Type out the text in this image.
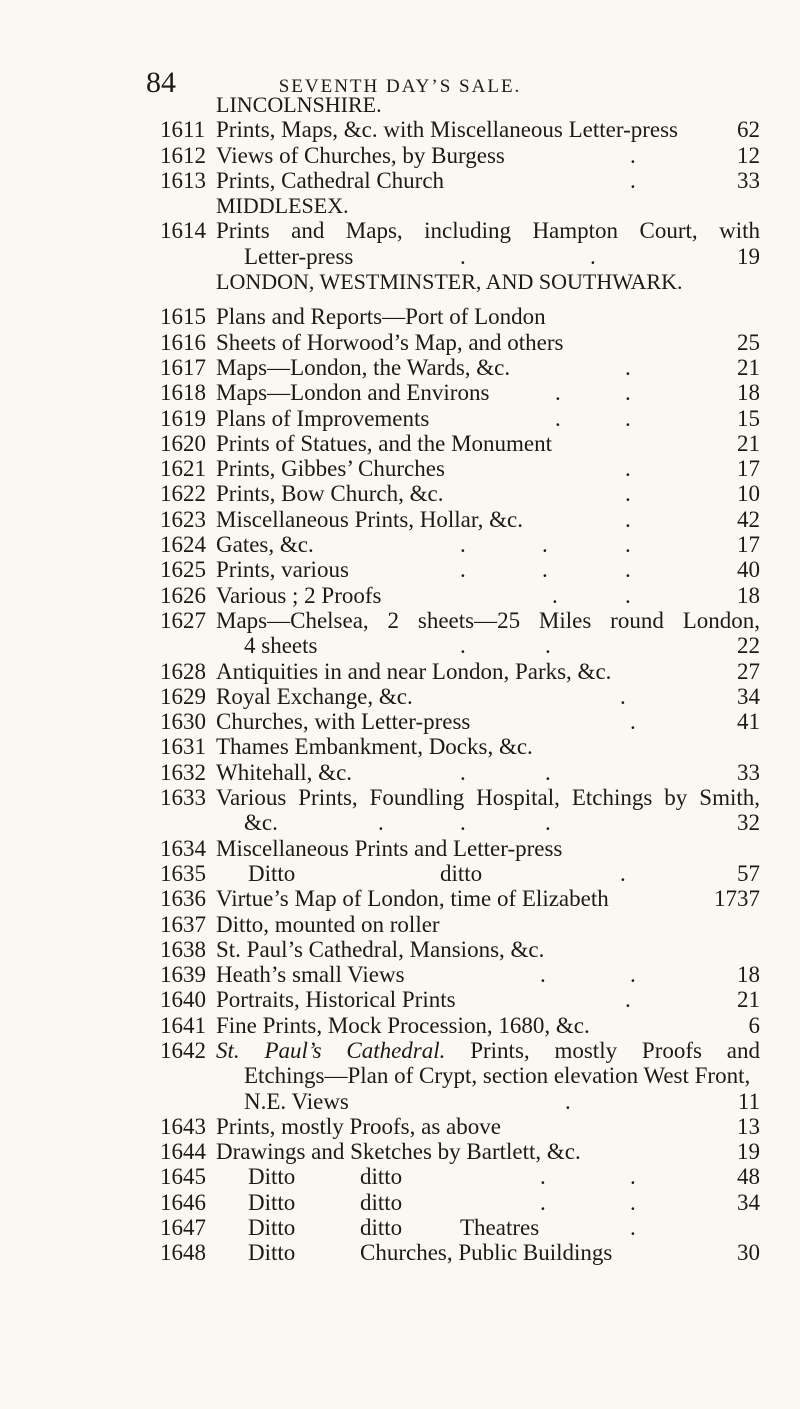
84	SEVENTH DAY’S SALE.
LINCOLNSHIRE.
1611 Prints, Maps, &c. with Miscellaneous Letter-press	62
1612 Views of Churches, by Burgess	.	12
1613 Prints, Cathedral Church	.	33
MIDDLESEX.
1614 Prints and Maps, including Hampton Court, with
Letter-press	.	.	19
LONDON, WESTMINSTER, AND SOUTHWARK.
1615 Plans and Reports—Port of London
1616 Sheets of Horwood’s Map, and others	25
1617 Maps—London, the Wards, &c.	.	21
1618 Maps—London and Environs	.	.	18
1619 Plans of Improvements	.	.	15
1620 Prints of Statues, and the Monument	21
1621 Prints, Gibbes’ Churches	.	17
1622 Prints, Bow Church, &c.	.	10
1623 Miscellaneous Prints, Hollar, &c.	.	42
1624 Gates, &c.	.	.	.	17
1625 Prints, various	.	.	.	40
1626 Various ; 2 Proofs	.	.	18
1627 Maps—Chelsea, 2 sheets—25 Miles round London,
4 sheets	.	.	22
1628 Antiquities in and near London, Parks, &c.	27
1629 Royal Exchange, &c.	.	34
1630 Churches, with Letter-press	.	41
1631 Thames Embankment, Docks, &c.
1632 Whitehall, &c.	.	.	33
1633 Various Prints, Foundling Hospital, Etchings by Smith,
&c.	.	.	.	32
1634 Miscellaneous Prints and Letter-press
1635 Ditto	ditto	.	57
1636 Virtue’s Map of London, time of Elizabeth	1737
1637 Ditto, mounted on roller
1638 St. Paul’s Cathedral, Mansions, &c.
1639 Heath’s small Views	.	.	18
1640 Portraits, Historical Prints	.	21
1641 Fine Prints, Mock Procession, 1680, &c.	6
1642 St. Paul’s Cathedral. Prints, mostly Proofs and
Etchings—Plan of Crypt, section elevation West Front,
N.E. Views	.	11
1643 Prints, mostly Proofs, as above	13
1644 Drawings and Sketches by Bartlett, &c.	19
1645 Ditto	ditto	.	.	48
1646 Ditto	ditto	.	.	34
1647 Ditto	ditto	Theatres	.
1648 Ditto	Churches, Public Buildings	30
